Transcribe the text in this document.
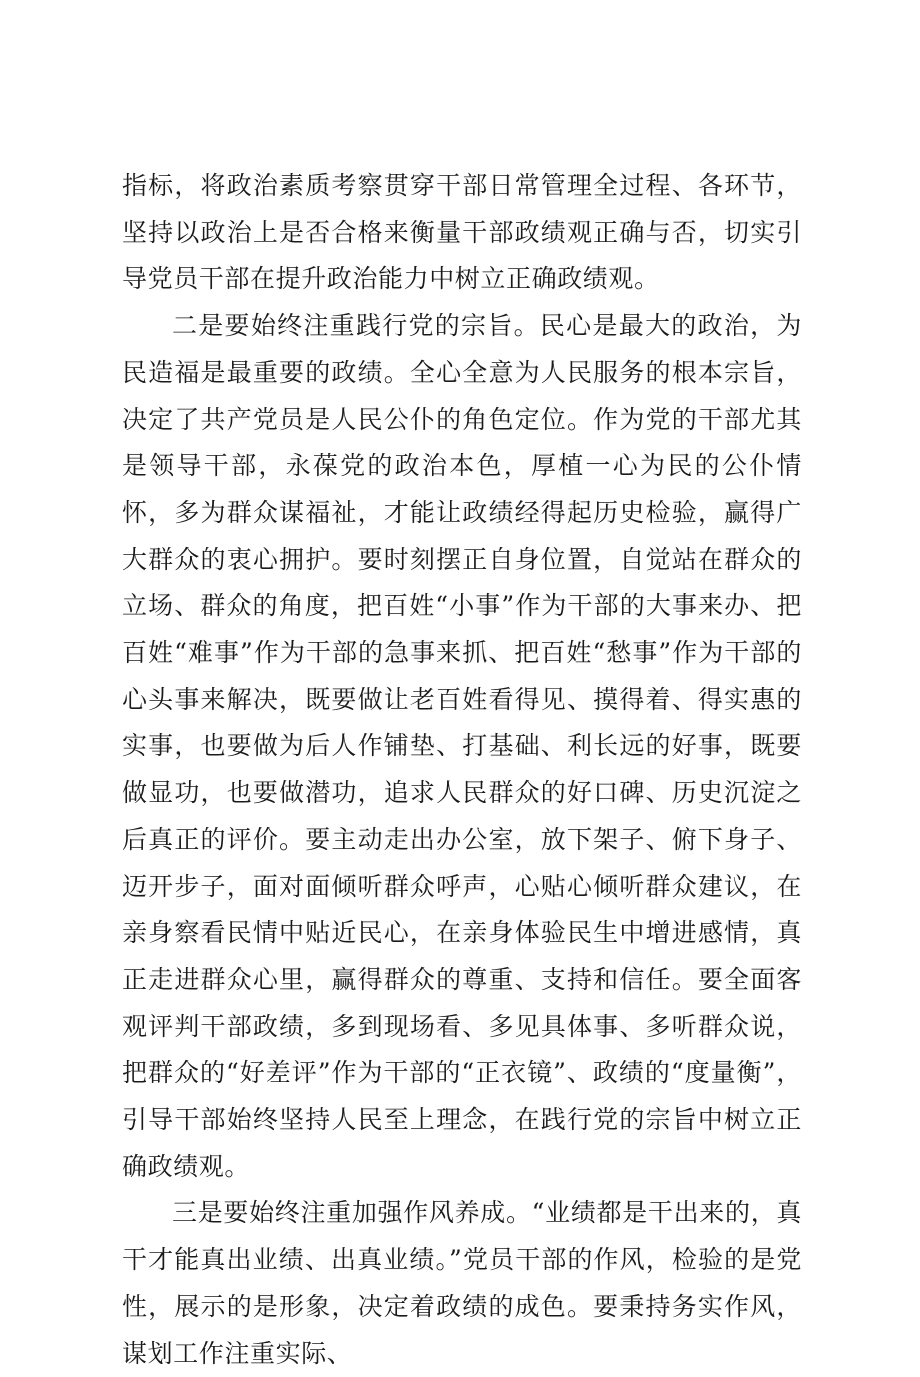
指标，将政治素质考察贯穿干部日常管理全过程、各环节，坚持以政治上是否合格来衡量干部政绩观正确与否，切实引导党员干部在提升政治能力中树立正确政绩观。

二是要始终注重践行党的宗旨。民心是最大的政治，为民造福是最重要的政绩。全心全意为人民服务的根本宗旨，决定了共产党员是人民公仆的角色定位。作为党的干部尤其是领导干部，永葆党的政治本色，厚植一心为民的公仆情怀，多为群众谋福祉，才能让政绩经得起历史检验，赢得广大群众的衷心拥护。要时刻摆正自身位置，自觉站在群众的立场、群众的角度，把百姓“小事”作为干部的大事来办、把百姓“难事”作为干部的急事来抓、把百姓“愁事”作为干部的心头事来解决，既要做让老百姓看得见、摸得着、得实惠的实事，也要做为后人作铺垫、打基础、利长远的好事，既要做显功，也要做潜功，追求人民群众的好口碑、历史沉淀之后真正的评价。要主动走出办公室，放下架子、俯下身子、迈开步子，面对面倾听群众呼声，心贴心倾听群众建议，在亲身察看民情中贴近民心，在亲身体验民生中增进感情，真正走进群众心里，赢得群众的尊重、支持和信任。要全面客观评判干部政绩，多到现场看、多见具体事、多听群众说，把群众的“好差评”作为干部的“正衣镜”、政绩的“度量衡”，引导干部始终坚持人民至上理念，在践行党的宗旨中树立正确政绩观。

三是要始终注重加强作风养成。“业绩都是干出来的，真干才能真出业绩、出真业绩。”党员干部的作风，检验的是党性，展示的是形象，决定着政绩的成色。要秉持务实作风，谋划工作注重实际、
